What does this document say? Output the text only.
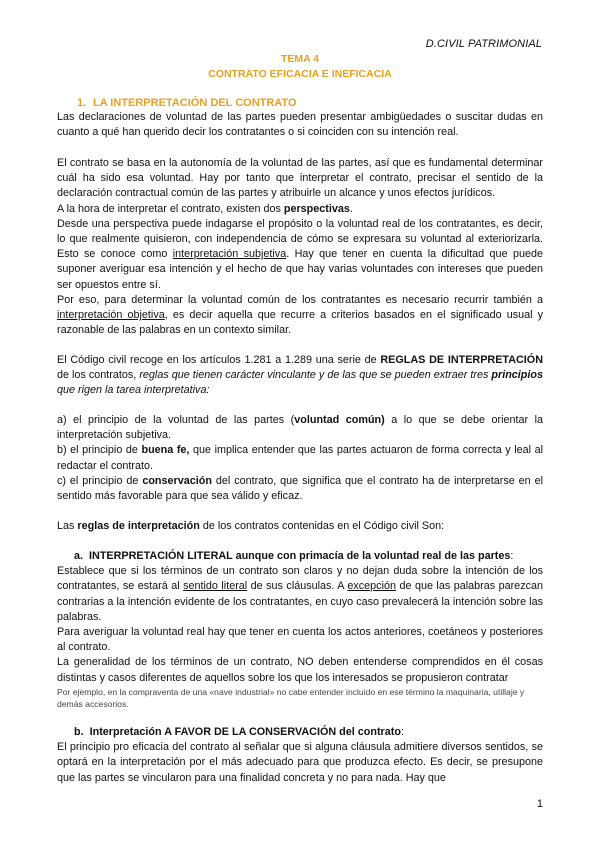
D.CIVIL PATRIMONIAL
TEMA 4
CONTRATO EFICACIA E INEFICACIA
1. LA INTERPRETACIÓN DEL CONTRATO

Las declaraciones de voluntad de las partes pueden presentar ambigüedades o suscitar dudas en cuanto a qué han querido decir los contratantes o si coinciden con su intención real.

El contrato se basa en la autonomía de la voluntad de las partes, así que es fundamental determinar cuál ha sido esa voluntad. Hay por tanto que interpretar el contrato, precisar el sentido de la declaración contractual común de las partes y atribuirle un alcance y unos efectos jurídicos.

A la hora de interpretar el contrato, existen dos perspectivas.

Desde una perspectiva puede indagarse el propósito o la voluntad real de los contratantes, es decir, lo que realmente quisieron, con independencia de cómo se expresara su voluntad al exteriorizarla. Esto se conoce como interpretación subjetiva. Hay que tener en cuenta la dificultad que puede suponer averiguar esa intención y el hecho de que hay varias voluntades con intereses que pueden ser opuestos entre sí.

Por eso, para determinar la voluntad común de los contratantes es necesario recurrir también a interpretación objetiva, es decir aquella que recurre a criterios basados en el significado usual y razonable de las palabras en un contexto similar.

El Código civil recoge en los artículos 1.281 a 1.289 una serie de REGLAS DE INTERPRETACIÓN de los contratos, reglas que tienen carácter vinculante y de las que se pueden extraer tres principios que rigen la tarea interpretativa:

a) el principio de la voluntad de las partes (voluntad común) a lo que se debe orientar la interpretación subjetiva.

b) el principio de buena fe, que implica entender que las partes actuaron de forma correcta y leal al redactar el contrato.

c) el principio de conservación del contrato, que significa que el contrato ha de interpretarse en el sentido más favorable para que sea válido y eficaz.

Las reglas de interpretación de los contratos contenidas en el Código civil Son:

a. INTERPRETACIÓN LITERAL aunque con primacía de la voluntad real de las partes:

Establece que si los términos de un contrato son claros y no dejan duda sobre la intención de los contratantes, se estará al sentido literal de sus cláusulas. A excepción de que las palabras parezcan contrarias a la intención evidente de los contratantes, en cuyo caso prevalecerá la intención sobre las palabras.

Para averiguar la voluntad real hay que tener en cuenta los actos anteriores, coetáneos y posteriores al contrato.

La generalidad de los términos de un contrato, NO deben entenderse comprendidos en él cosas distintas y casos diferentes de aquellos sobre los que los interesados se propusieron contratar

Por ejemplo, en la compraventa de una «nave industrial» no cabe entender incluido en ese término la maquinaria, utillaje y demás accesorios.

b. Interpretación A FAVOR DE LA CONSERVACIÓN del contrato:

El principio pro eficacia del contrato al señalar que si alguna cláusula admitiere diversos sentidos, se optará en la interpretación por el más adecuado para que produzca efecto. Es decir, se presupone que las partes se vincularon para una finalidad concreta y no para nada. Hay que

1
